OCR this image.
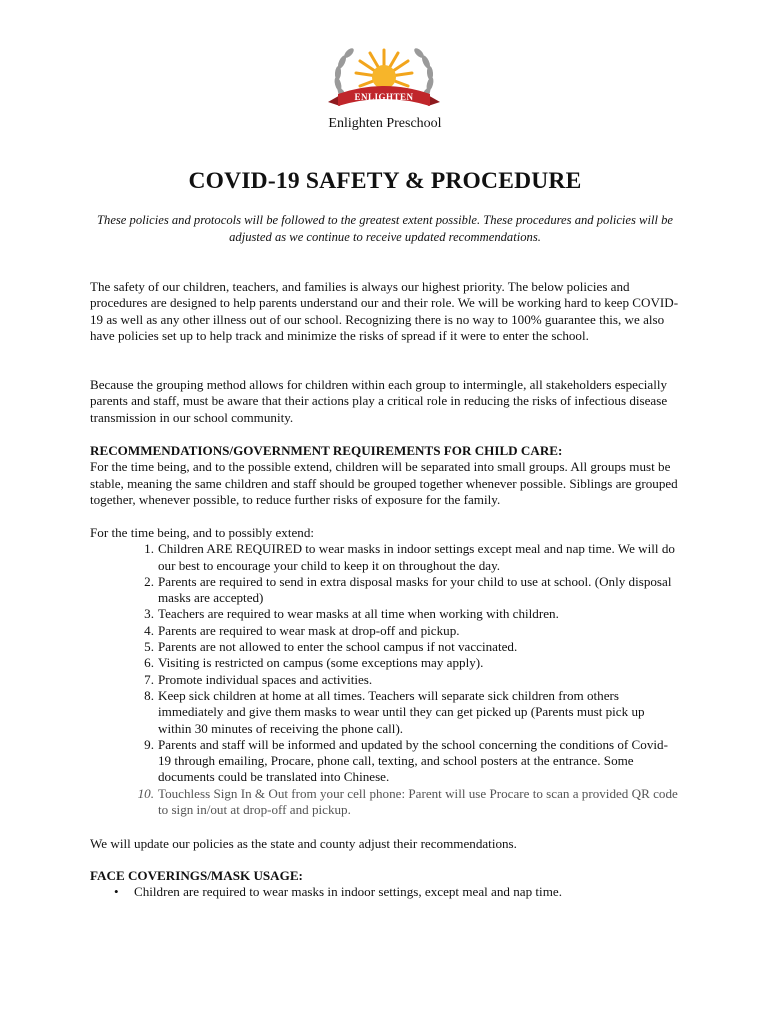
ENLIGHTEN
Enlighten Preschool
COVID-19 SAFETY & PROCEDURE
These policies and protocols will be followed to the greatest extent possible. These procedures and policies will be adjusted as we continue to receive updated recommendations.
The safety of our children, teachers, and families is always our highest priority. The below policies and procedures are designed to help parents understand our and their role. We will be working hard to keep COVID-19 as well as any other illness out of our school. Recognizing there is no way to 100% guarantee this, we also have policies set up to help track and minimize the risks of spread if it were to enter the school.
Because the grouping method allows for children within each group to intermingle, all stakeholders especially parents and staff, must be aware that their actions play a critical role in reducing the risks of infectious disease transmission in our school community.

RECOMMENDATIONS/GOVERNMENT REQUIREMENTS FOR CHILD CARE:

For the time being, and to the possible extend, children will be separated into small groups. All groups must be stable, meaning the same children and staff should be grouped together whenever possible. Siblings are grouped together, whenever possible, to reduce further risks of exposure for the family.

For the time being, and to possibly extend:

1. Children ARE REQUIRED to wear masks in indoor settings except meal and nap time. We will do our best to encourage your child to keep it on throughout the day.
2. Parents are required to send in extra disposal masks for your child to use at school. (Only disposal masks are accepted)
3. Teachers are required to wear masks at all time when working with children.
4. Parents are required to wear mask at drop-off and pickup.
5. Parents are not allowed to enter the school campus if not vaccinated.
6. Visiting is restricted on campus (some exceptions may apply).
7. Promote individual spaces and activities.
8. Keep sick children at home at all times. Teachers will separate sick children from others immediately and give them masks to wear until they can get picked up (Parents must pick up within 30 minutes of receiving the phone call).
9. Parents and staff will be informed and updated by the school concerning the conditions of Covid-19 through emailing, Procare, phone call, texting, and school posters at the entrance. Some documents could be translated into Chinese.
10. Touchless Sign In & Out from your cell phone: Parent will use Procare to scan a provided QR code to sign in/out at drop-off and pickup.
We will update our policies as the state and county adjust their recommendations.

FACE COVERINGS/MASK USAGE:

• Children are required to wear masks in indoor settings, except meal and nap time.
